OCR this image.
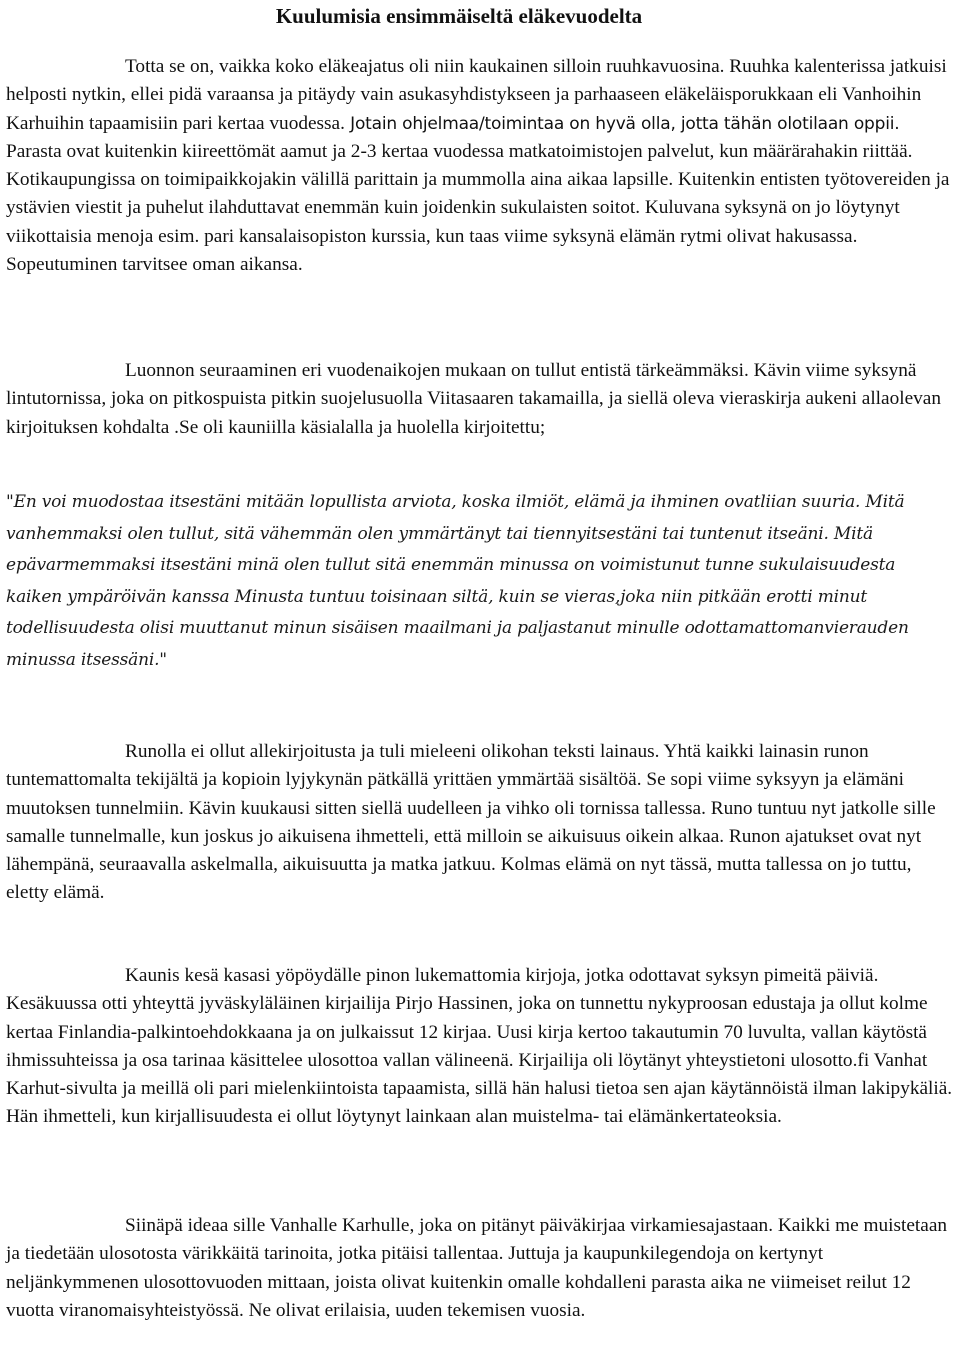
Kuulumisia ensimmäiseltä eläkevuodelta
Totta se on, vaikka koko eläkeajatus oli niin kaukainen silloin ruuhkavuosina. Ruuhka kalenterissa jatkuisi helposti nytkin, ellei pidä varaansa ja pitäydy vain asukasyhdistykseen ja parhaaseen eläkeläisporukkaan eli Vanhoihin Karhuihin tapaamisiin pari kertaa vuodessa. Jotain ohjelmaa/toimintaa on hyvä olla, jotta tähän olotilaan oppii. Parasta ovat kuitenkin kiireettömät aamut ja 2-3 kertaa vuodessa matkatoimistojen palvelut, kun määrärahakin riittää. Kotikaupungissa on toimipaikkojakin välillä parittain ja mummolla aina aikaa lapsille. Kuitenkin entisten työtovereiden ja ystävien viestit ja puhelut ilahduttavat enemmän kuin joidenkin sukulaisten soitot. Kuluvana syksynä on jo löytynyt viikottaisia menoja esim. pari kansalaisopiston kurssia, kun taas viime syksynä elämän rytmi olivat hakusassa. Sopeutuminen tarvitsee oman aikansa.
Luonnon seuraaminen eri vuodenaikojen mukaan on tullut entistä tärkeämmäksi. Kävin viime syksynä lintutornissa, joka on pitkospuista pitkin suojelusuolla Viitasaaren takamailla, ja siellä oleva vieraskirja aukeni allaolevan kirjoituksen kohdalta .Se oli kauniilla käsialalla ja huolella kirjoitettu;
"En voi muodostaa itsestäni mitään lopullista arviota, koska ilmiöt, elämä ja ihminen ovatliian suuria. Mitä vanhemmaksi olen tullut, sitä vähemmän olen ymmärtänyt tai tiennyitsestäni tai tuntenut itseäni. Mitä epävarmemmaksi itsestäni minä olen tullut sitä enemmän minussa on voimistunut tunne sukulaisuudesta kaiken ympäröivän kanssa Minusta tuntuu toisinaan siltä, kuin se vieras,joka niin pitkään erotti minut todellisuudesta olisi muuttanut minun sisäisen maailmani ja paljastanut minulle odottamattomanvierauden minussa itsessäni."
Runolla ei ollut allekirjoitusta ja tuli mieleeni olikohan teksti lainaus. Yhtä kaikki lainasin runon tuntemattomalta tekijältä ja kopioin lyjykynän pätkällä yrittäen ymmärtää sisältöä. Se sopi viime syksyyn ja elämäni muutoksen tunnelmiin. Kävin kuukausi sitten siellä uudelleen ja vihko oli tornissa tallessa. Runo tuntuu nyt jatkolle sille samalle tunnelmalle, kun joskus jo aikuisena ihmetteli, että milloin se aikuisuus oikein alkaa. Runon ajatukset ovat nyt lähempänä, seuraavalla askelmalla, aikuisuutta ja matka jatkuu. Kolmas elämä on nyt tässä, mutta tallessa on jo tuttu, eletty elämä.
Kaunis kesä kasasi yöpöydälle pinon lukemattomia kirjoja, jotka odottavat syksyn pimeitä päiviä. Kesäkuussa otti yhteyttä jyväskyläläinen kirjailija Pirjo Hassinen, joka on tunnettu nykyproosan edustaja ja ollut kolme kertaa Finlandia-palkintoehdokkaana ja on julkaissut 12 kirjaa. Uusi kirja kertoo takautumin 70 luvulta, vallan käytöstä ihmissuhteissa ja osa tarinaa käsittelee ulosottoa vallan välineenä. Kirjailija oli löytänyt yhteystietoni ulosotto.fi Vanhat Karhut-sivulta ja meillä oli pari mielenkiintoista tapaamista, sillä hän halusi tietoa sen ajan käytännöistä ilman lakipykäliä. Hän ihmetteli, kun kirjallisuudesta ei ollut löytynyt lainkaan alan muistelma- tai elämänkertateoksia.
Siinäpä ideaa sille Vanhalle Karhulle, joka on pitänyt päiväkirjaa virkamiesajastaan. Kaikki me muistetaan ja tiedetään ulosotosta värikkäitä tarinoita, jotka pitäisi tallentaa. Juttuja ja kaupunkilegendoja on kertynyt neljänkymmenen ulosottovuoden mittaan, joista olivat kuitenkin omalle kohdalleni parasta aika ne viimeiset reilut 12 vuotta viranomaisyhteistyössä. Ne olivat erilaisia, uuden tekemisen vuosia.
